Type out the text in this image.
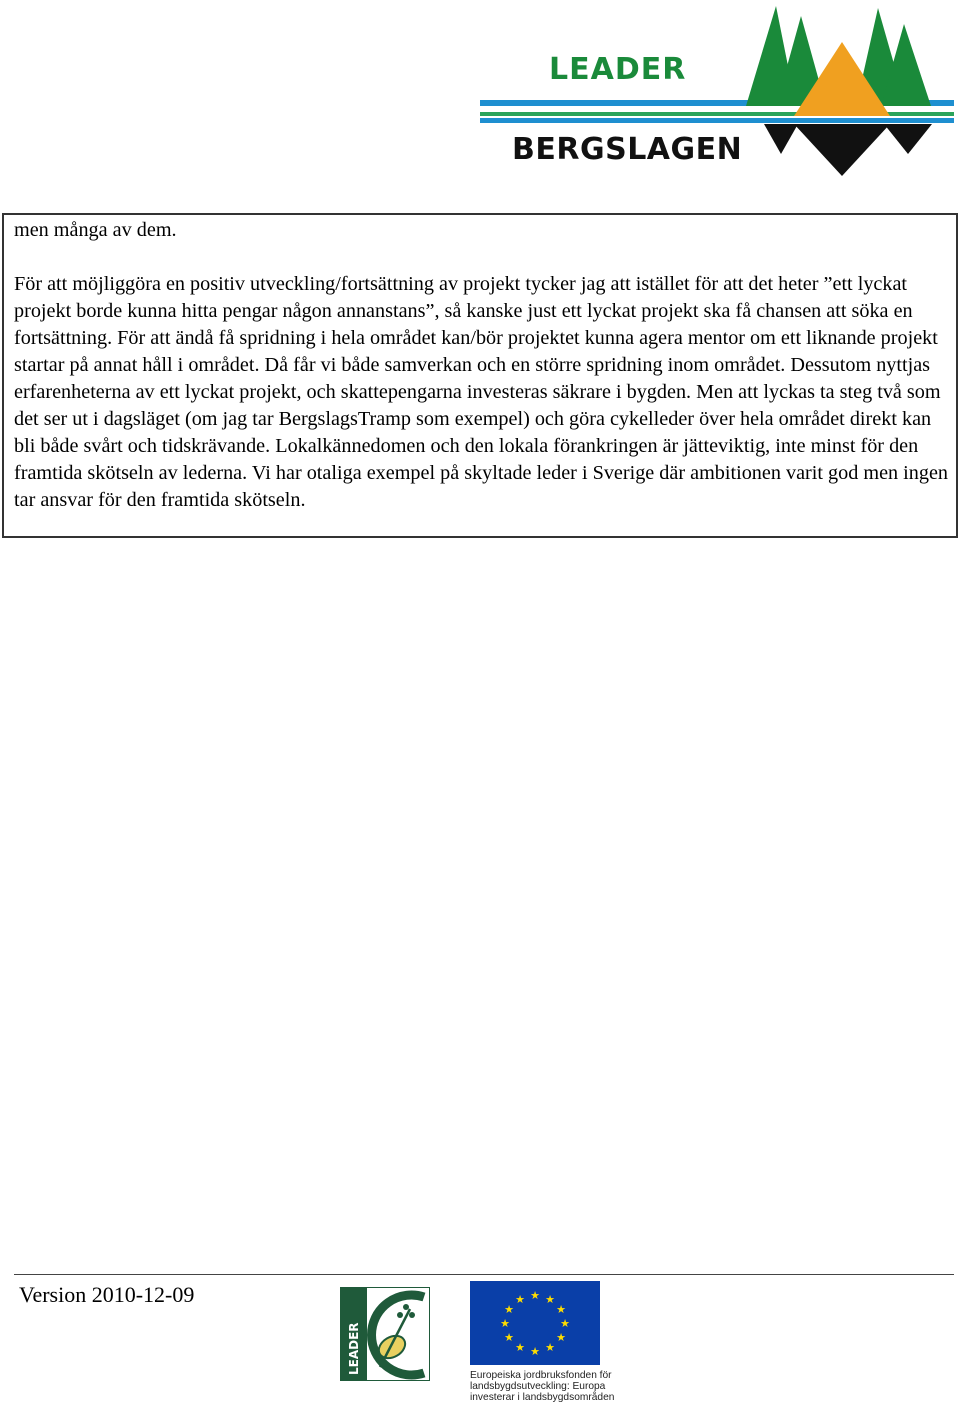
LEADER
BERGSLAGEN

men många av dem.

För att möjliggöra en positiv utveckling/fortsättning av projekt tycker jag att istället för att det heter ”ett lyckat projekt borde kunna hitta pengar någon annanstans”, så kanske just ett lyckat projekt ska få chansen att söka en fortsättning. För att ändå få spridning i hela området kan/bör projektet kunna agera mentor om ett liknande projekt startar på annat håll i området. Då får vi både samverkan och en större spridning inom området. Dessutom nyttjas erfarenheterna av ett lyckat projekt, och skattepengarna investeras säkrare i bygden. Men att lyckas ta steg två som det ser ut i dagsläget (om jag tar BergslagsTramp som exempel) och göra cykelleder över hela området direkt kan bli både svårt och tidskrävande. Lokalkännedomen och den lokala förankringen är jätteviktig, inte minst för den framtida skötseln av lederna. Vi har otaliga exempel på skyltade leder i Sverige där ambitionen varit god men ingen tar ansvar för den framtida skötseln.

Version 2010-12-09
LEADER
★ ★
★
★
★
★
★
★
★
★
★
★
Europeiska jordbruksfonden för
landsbygdsutveckling: Europa
investerar i landsbygdsområden
